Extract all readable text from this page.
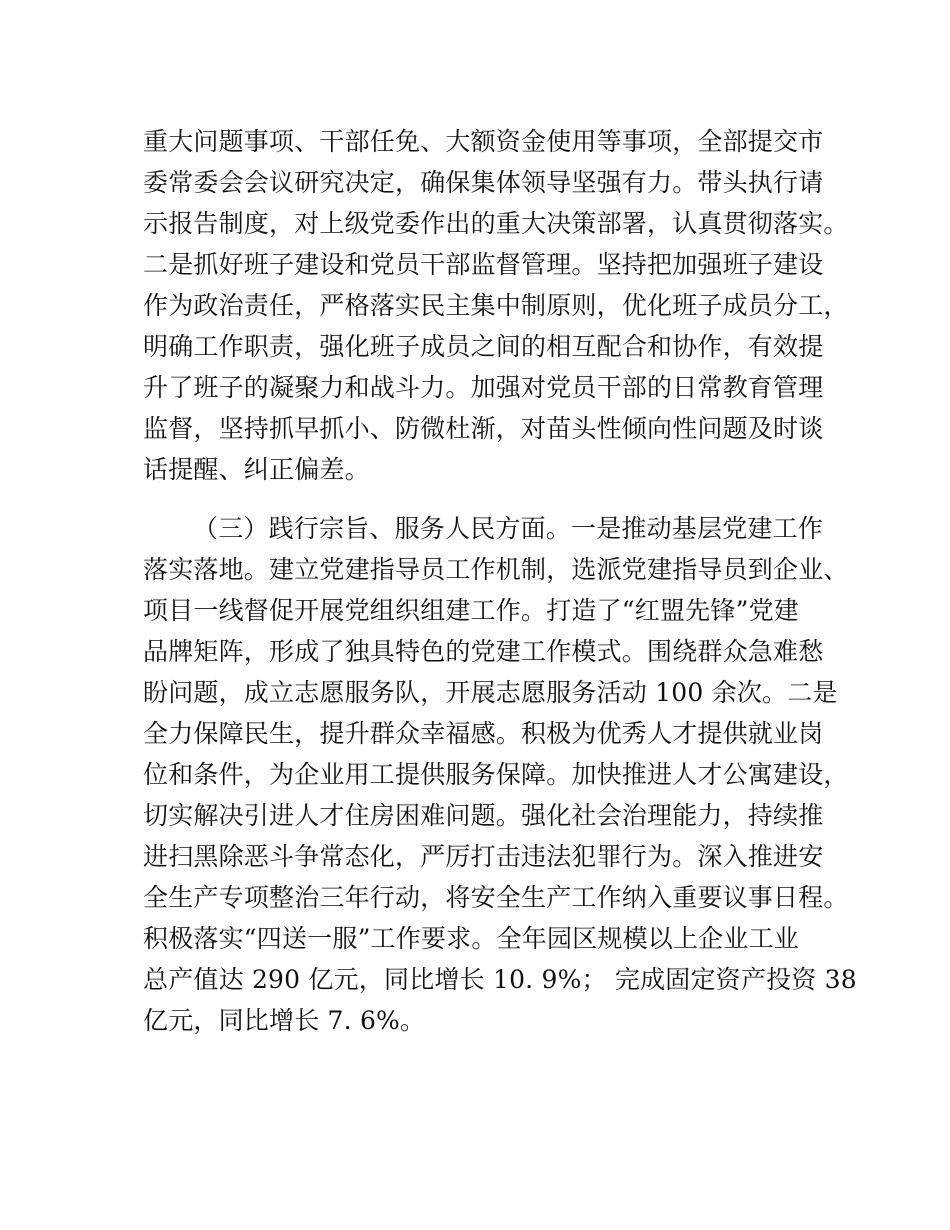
重大问题事项、干部任免、大额资金使用等事项，全部提交市
委常委会会议研究决定，确保集体领导坚强有力。带头执行请
示报告制度，对上级党委作出的重大决策部署，认真贯彻落实。
二是抓好班子建设和党员干部监督管理。坚持把加强班子建设
作为政治责任，严格落实民主集中制原则，优化班子成员分工，
明确工作职责，强化班子成员之间的相互配合和协作，有效提
升了班子的凝聚力和战斗力。加强对党员干部的日常教育管理
监督，坚持抓早抓小、防微杜渐，对苗头性倾向性问题及时谈
话提醒、纠正偏差。
（三）践行宗旨、服务人民方面。一是推动基层党建工作
落实落地。建立党建指导员工作机制，选派党建指导员到企业、
项目一线督促开展党组织组建工作。打造了“红盟先锋”党建
品牌矩阵，形成了独具特色的党建工作模式。围绕群众急难愁
盼问题，成立志愿服务队，开展志愿服务活动 100 余次。二是
全力保障民生，提升群众幸福感。积极为优秀人才提供就业岗
位和条件，为企业用工提供服务保障。加快推进人才公寓建设，
切实解决引进人才住房困难问题。强化社会治理能力，持续推
进扫黑除恶斗争常态化，严厉打击违法犯罪行为。深入推进安
全生产专项整治三年行动，将安全生产工作纳入重要议事日程。
积极落实“四送一服”工作要求。全年园区规模以上企业工业
总产值达 290 亿元，同比增长 10. 9%； 完成固定资产投资 38
亿元，同比增长 7. 6%。
